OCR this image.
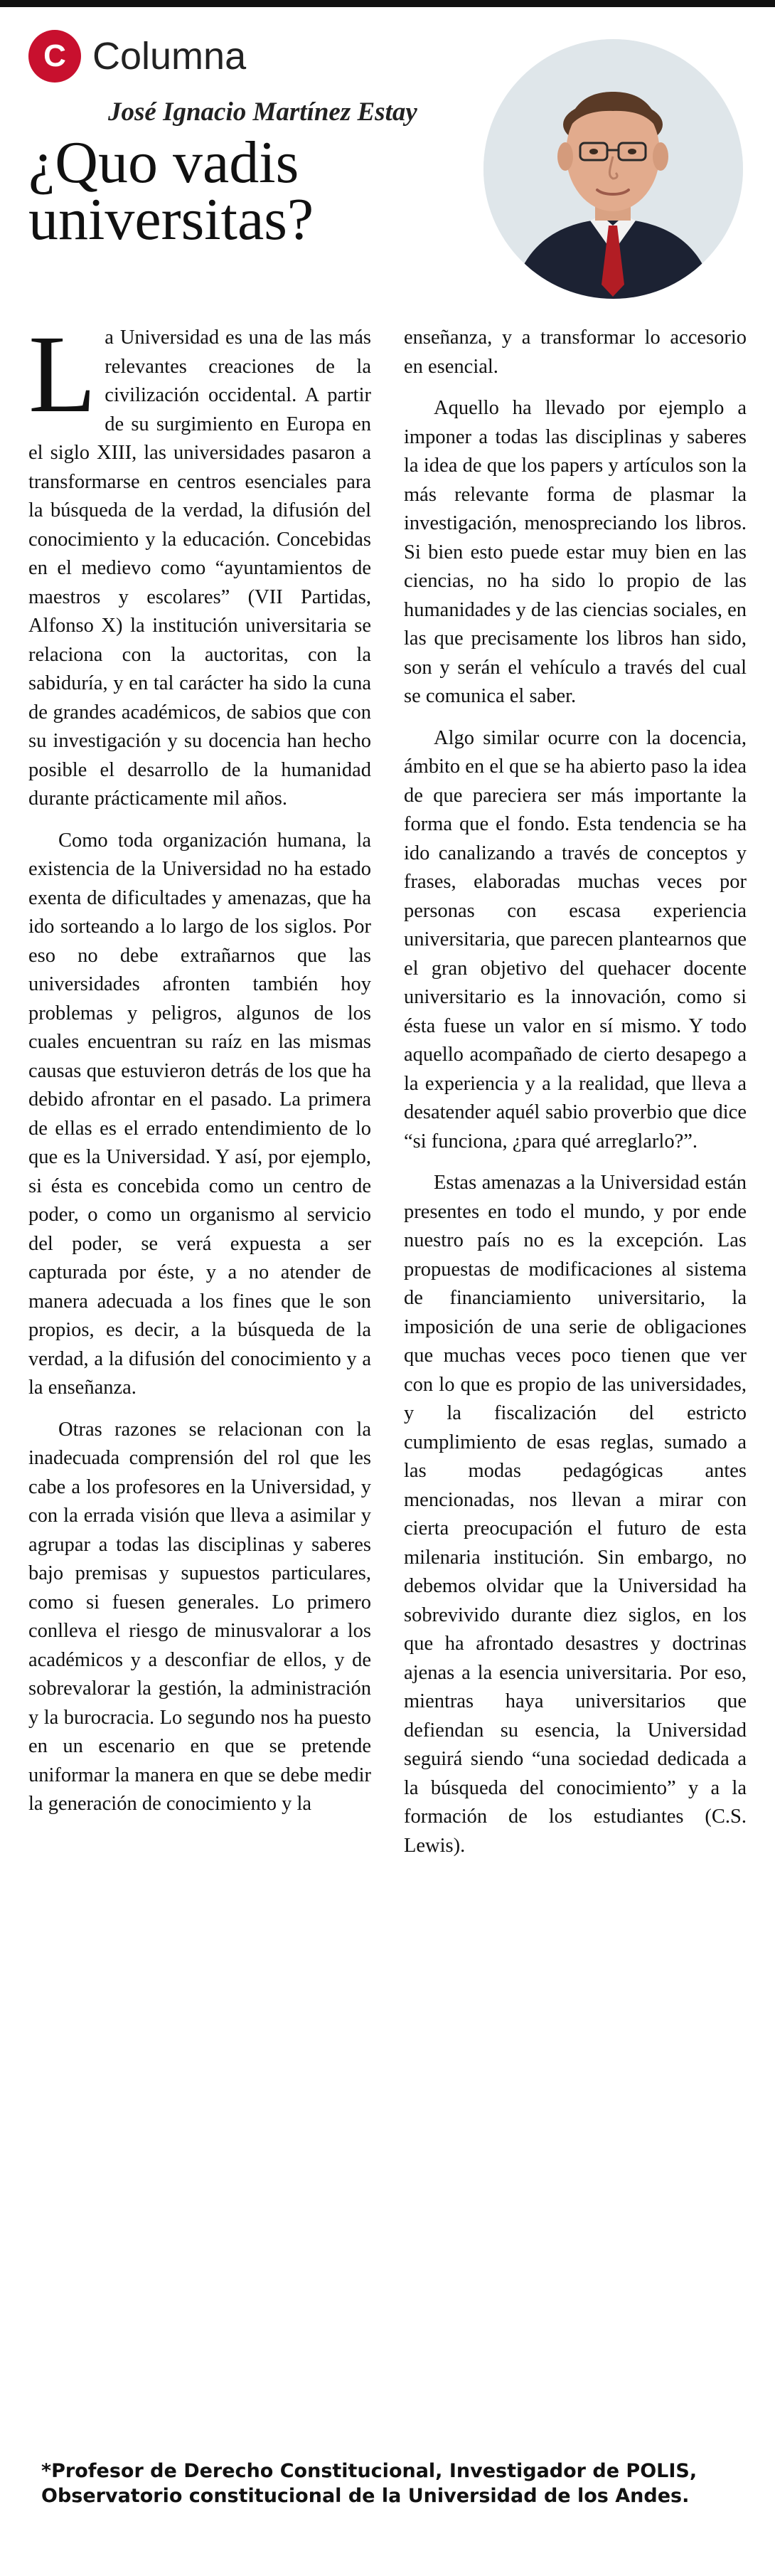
C Columna
José Ignacio Martínez Estay
¿Quo vadis
universitas?

La Universidad es una de las más relevantes creaciones de la civilización occidental. A partir de su surgimiento en Europa en el siglo XIII, las universidades pasaron a transformarse en centros esenciales para la búsqueda de la verdad, la difusión del conocimiento y la educación. Concebidas en el medievo como “ayuntamientos de maestros y escolares” (VII Partidas, Alfonso X) la institución universitaria se relaciona con la auctoritas, con la sabiduría, y en tal carácter ha sido la cuna de grandes académicos, de sabios que con su investigación y su docencia han hecho posible el desarrollo de la humanidad durante prácticamente mil años.

Como toda organización humana, la existencia de la Universidad no ha estado exenta de dificultades y amenazas, que ha ido sorteando a lo largo de los siglos. Por eso no debe extrañarnos que las universidades afronten también hoy problemas y peligros, algunos de los cuales encuentran su raíz en las mismas causas que estuvieron detrás de los que ha debido afrontar en el pasado. La primera de ellas es el errado entendimiento de lo que es la Universidad. Y así, por ejemplo, si ésta es concebida como un centro de poder, o como un organismo al servicio del poder, se verá expuesta a ser capturada por éste, y a no atender de manera adecuada a los fines que le son propios, es decir, a la búsqueda de la verdad, a la difusión del conocimiento y a la enseñanza.

Otras razones se relacionan con la inadecuada comprensión del rol que les cabe a los profesores en la Universidad, y con la errada visión que lleva a asimilar y agrupar a todas las disciplinas y saberes bajo premisas y supuestos particulares, como si fuesen generales. Lo primero conlleva el riesgo de minusvalorar a los académicos y a desconfiar de ellos, y de sobrevalorar la gestión, la administración y la burocracia. Lo segundo nos ha puesto en un escenario en que se pretende uniformar la manera en que se debe medir la generación de conocimiento y la

enseñanza, y a transformar lo accesorio en esencial.

Aquello ha llevado por ejemplo a imponer a todas las disciplinas y saberes la idea de que los papers y artículos son la más relevante forma de plasmar la investigación, menospreciando los libros. Si bien esto puede estar muy bien en las ciencias, no ha sido lo propio de las humanidades y de las ciencias sociales, en las que precisamente los libros han sido, son y serán el vehículo a través del cual se comunica el saber.

Algo similar ocurre con la docencia, ámbito en el que se ha abierto paso la idea de que pareciera ser más importante la forma que el fondo. Esta tendencia se ha ido canalizando a través de conceptos y frases, elaboradas muchas veces por personas con escasa experiencia universitaria, que parecen plantearnos que el gran objetivo del quehacer docente universitario es la innovación, como si ésta fuese un valor en sí mismo. Y todo aquello acompañado de cierto desapego a la experiencia y a la realidad, que lleva a desatender aquél sabio proverbio que dice “si funciona, ¿para qué arreglarlo?”.

Estas amenazas a la Universidad están presentes en todo el mundo, y por ende nuestro país no es la excepción. Las propuestas de modificaciones al sistema de financiamiento universitario, la imposición de una serie de obligaciones que muchas veces poco tienen que ver con lo que es propio de las universidades, y la fiscalización del estricto cumplimiento de esas reglas, sumado a las modas pedagógicas antes mencionadas, nos llevan a mirar con cierta preocupación el futuro de esta milenaria institución. Sin embargo, no debemos olvidar que la Universidad ha sobrevivido durante diez siglos, en los que ha afrontado desastres y doctrinas ajenas a la esencia universitaria. Por eso, mientras haya universitarios que defiendan su esencia, la Universidad seguirá siendo “una sociedad dedicada a la búsqueda del conocimiento” y a la formación de los estudiantes (C.S. Lewis).

*Profesor de Derecho Constitucional, Investigador de POLIS, Observatorio constitucional de la Universidad de los Andes.
